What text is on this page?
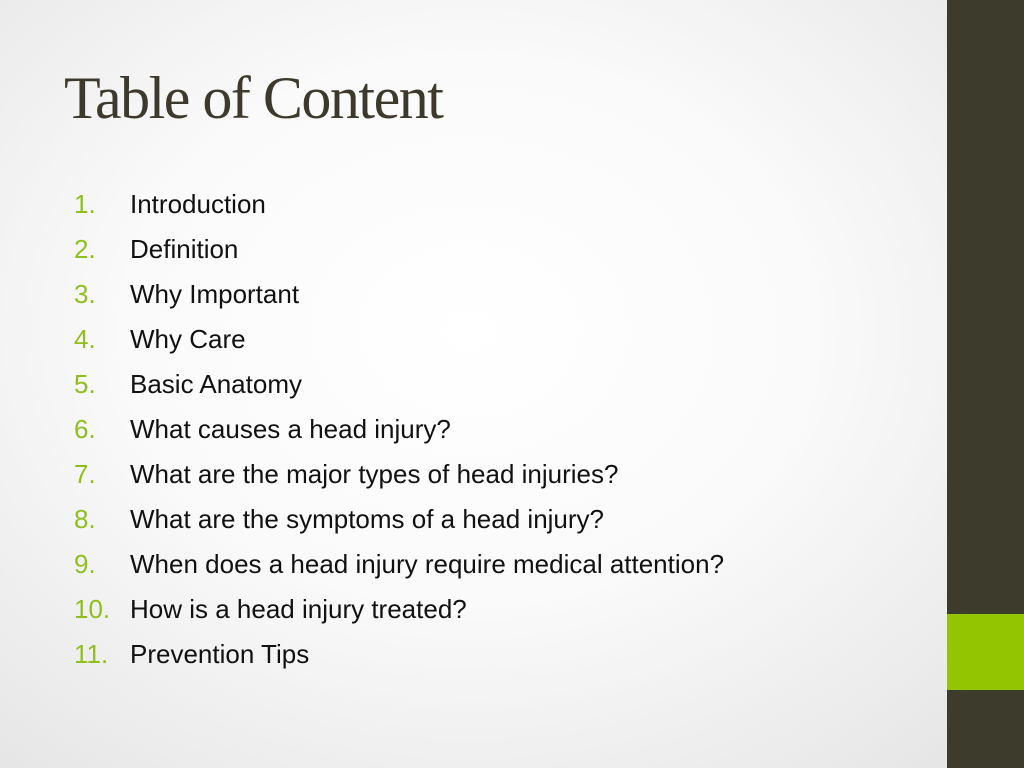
Table of Content
1.	Introduction
2.	Definition
3.	Why Important
4.	Why Care
5.	Basic Anatomy
6.	What causes a head injury?
7.	What are the major types of head injuries?
8.	What are the symptoms of a head injury?
9.	When does a head injury require medical attention?
10. How is a head injury treated?
11. Prevention Tips
